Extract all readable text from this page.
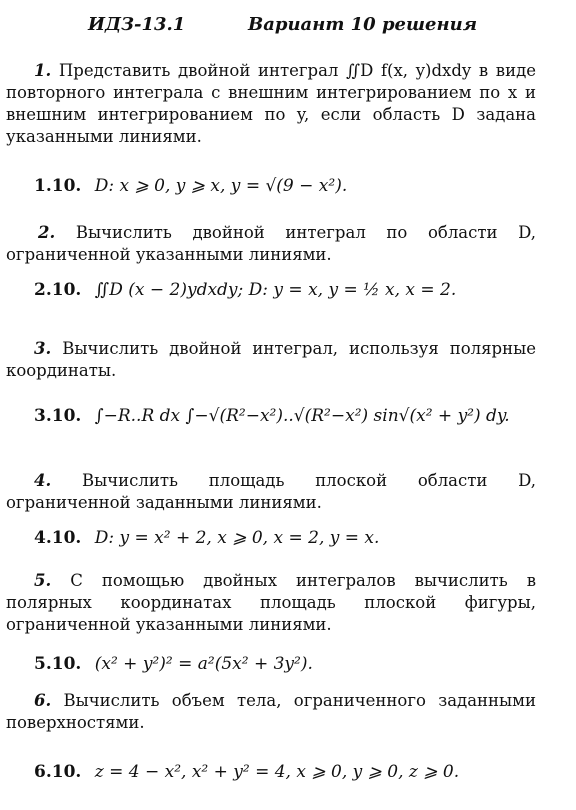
ИДЗ-13.1	Вариант 10 решения
1. Представить двойной интеграл ∬D f(x, y)dxdy в виде повторного интеграла с внешним интегрированием по x и внешним интегрированием по y, если область D задана указанными линиями.
1.10. D: x ⩾ 0, y ⩾ x, y = √(9 − x²).
2. Вычислить двойной интеграл по области D, ограниченной указанными линиями.
2.10. ∬D (x − 2)ydxdy; D: y = x, y = ½ x, x = 2.
3. Вычислить двойной интеграл, используя полярные координаты.
3.10. ∫−R..R dx ∫−√(R²−x²)..√(R²−x²) sin√(x² + y²) dy.
4. Вычислить площадь плоской области D, ограниченной заданными линиями.
4.10. D: y = x² + 2, x ⩾ 0, x = 2, y = x.
5. С помощью двойных интегралов вычислить в полярных координатах площадь плоской фигуры, ограниченной указанными линиями.
5.10. (x² + y²)² = a²(5x² + 3y²).
6. Вычислить объем тела, ограниченного заданными поверхностями.
6.10. z = 4 − x², x² + y² = 4, x ⩾ 0, y ⩾ 0, z ⩾ 0.
